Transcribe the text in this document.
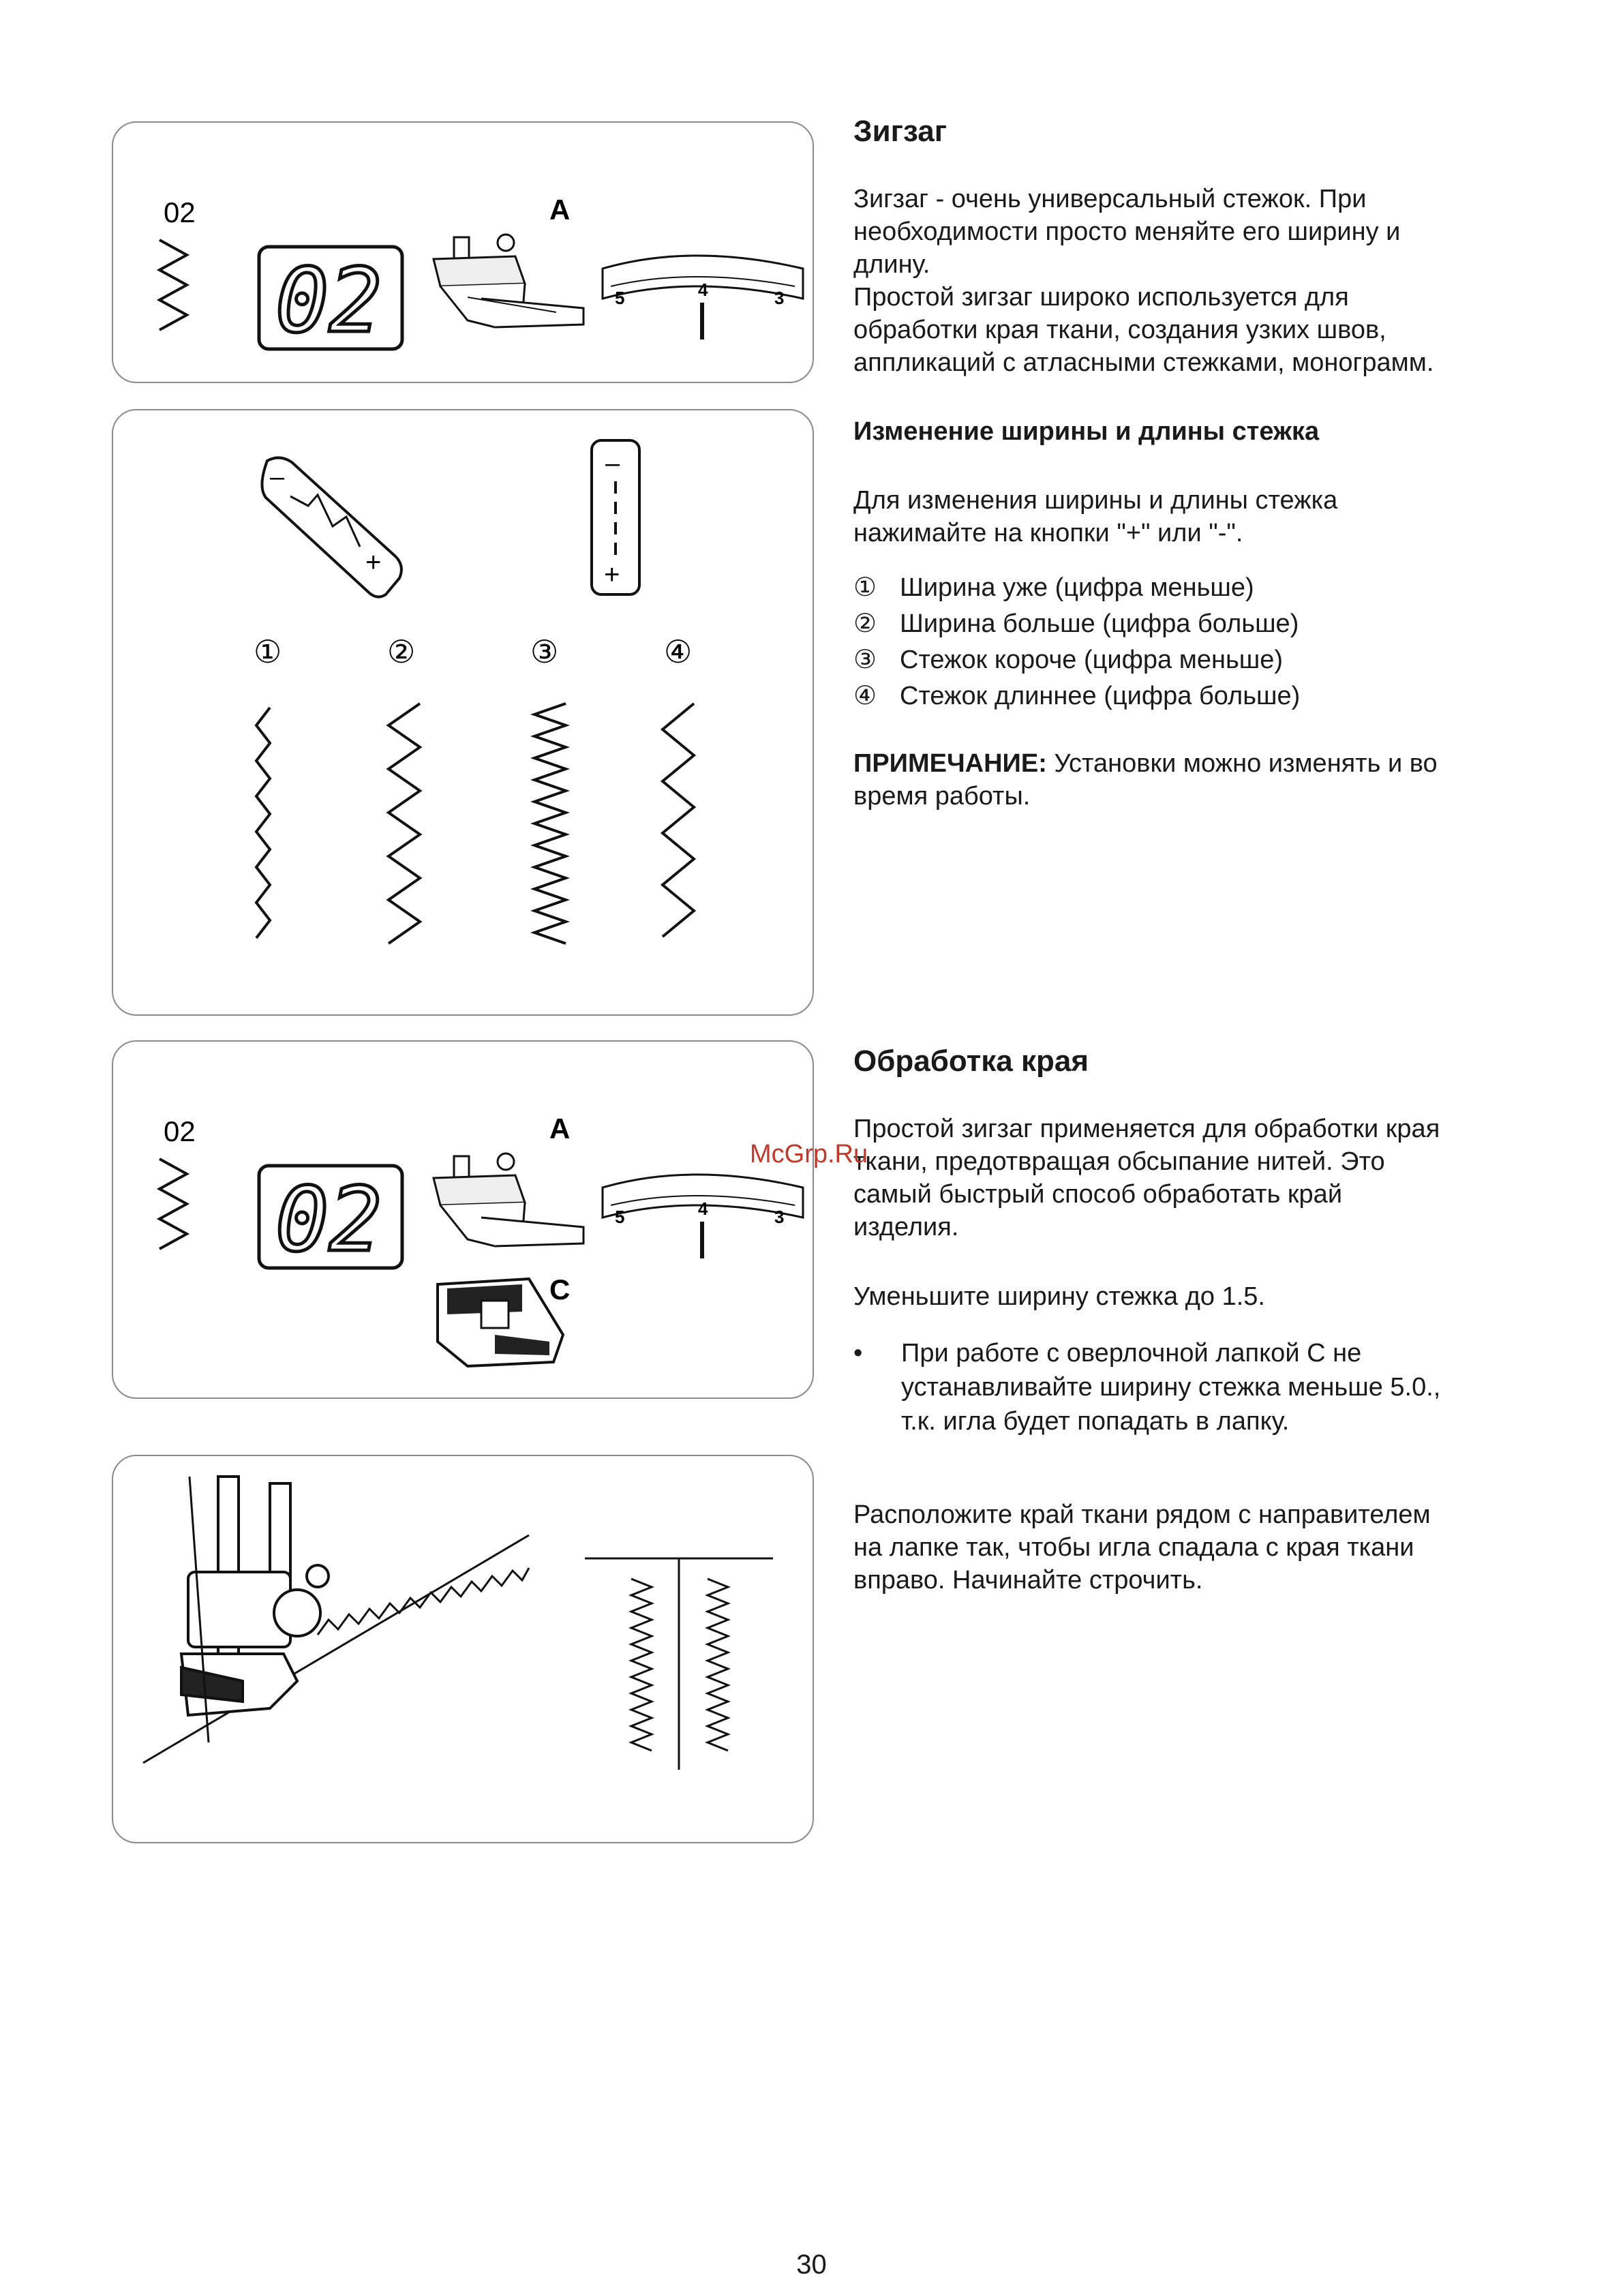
02
02
A
5	4	3
–
+
–
+
①	②	③	④
02
02
A
5	4	3
C
Зигзаг

Зигзаг - очень универсальный стежок. При

необходимости просто меняйте его ширину и

длину.

Простой зигзаг широко используется для

обработки края ткани, создания узких швов,

аппликаций с атласными стежками, монограмм.

Изменение ширины и длины стежка

Для изменения ширины и длины стежка

нажимайте на кнопки "+" или "-".

① Ширина уже (цифра меньше)
② Ширина больше (цифра больше)
③ Стежок короче (цифра меньше)
④ Стежок длиннее (цифра больше)

ПРИМЕЧАНИЕ: Установки можно изменять и во

время работы.

Обработка края

Простой зигзаг применяется для обработки края

ткани, предотвращая обсыпание нитей. Это

самый быстрый способ обработать край

изделия.

Уменьшите ширину стежка до 1.5.

•	При работе с оверлочной лапкой С не

устанавливайте ширину стежка меньше 5.0.,

т.к. игла будет попадать в лапку.

Расположите край ткани рядом с направителем

на лапке так, чтобы игла спадала с края ткани

вправо. Начинайте строчить.

McGrp.Ru
30
